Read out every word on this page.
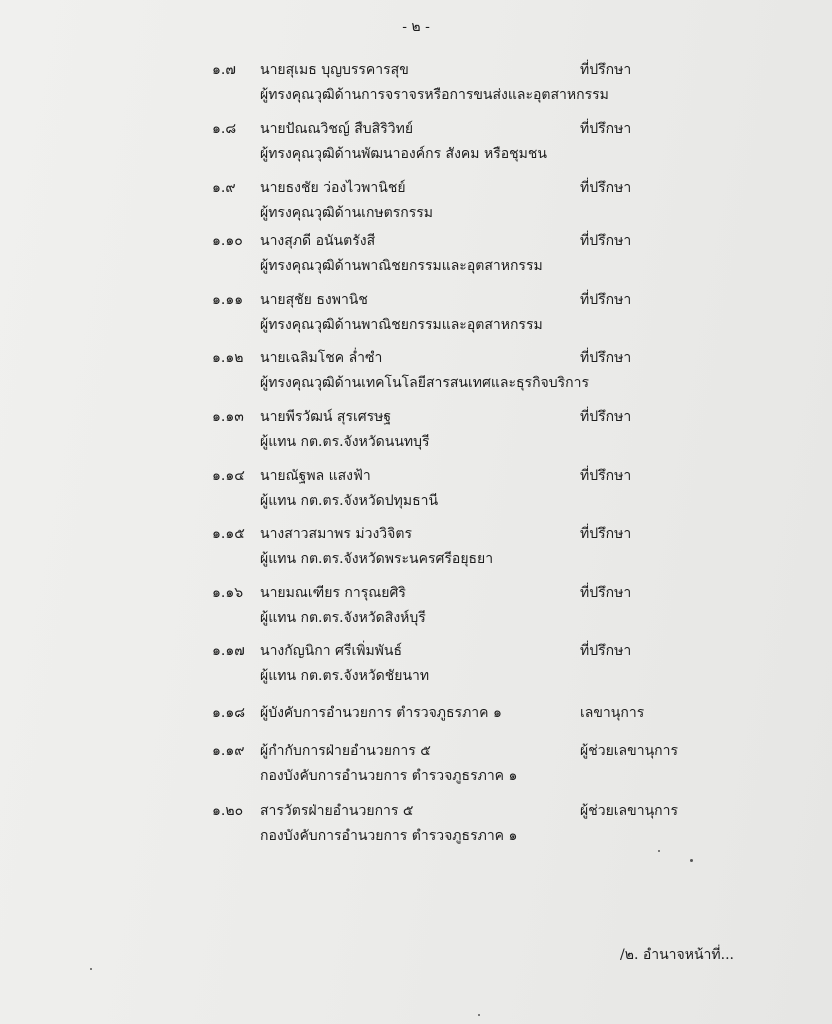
- ๒ -
๑.๗ นายสุเมธ บุญบรรคารสุข	ที่ปรึกษา
ผู้ทรงคุณวุฒิด้านการจราจรหรือการขนส่งและอุตสาหกรรม
๑.๘ นายปัณณวิชญ์ สืบสิริวิทย์	ที่ปรึกษา
ผู้ทรงคุณวุฒิด้านพัฒนาองค์กร สังคม หรือชุมชน
๑.๙ นายธงชัย ว่องไวพานิชย์	ที่ปรึกษา
ผู้ทรงคุณวุฒิด้านเกษตรกรรม
๑.๑๐ นางสุภดี อนันตรังสี	ที่ปรึกษา
ผู้ทรงคุณวุฒิด้านพาณิชยกรรมและอุตสาหกรรม
๑.๑๑ นายสุชัย ธงพานิช	ที่ปรึกษา
ผู้ทรงคุณวุฒิด้านพาณิชยกรรมและอุตสาหกรรม
๑.๑๒ นายเฉลิมโชค ล่ำซำ	ที่ปรึกษา
ผู้ทรงคุณวุฒิด้านเทคโนโลยีสารสนเทศและธุรกิจบริการ
๑.๑๓ นายพีรวัฒน์ สุรเศรษฐ	ที่ปรึกษา
ผู้แทน กต.ตร.จังหวัดนนทบุรี
๑.๑๔ นายณัฐพล แสงฟ้า	ที่ปรึกษา
ผู้แทน กต.ตร.จังหวัดปทุมธานี
๑.๑๕ นางสาวสมาพร ม่วงวิจิตร	ที่ปรึกษา
ผู้แทน กต.ตร.จังหวัดพระนครศรีอยุธยา
๑.๑๖ นายมณเฑียร การุณยศิริ	ที่ปรึกษา
ผู้แทน กต.ตร.จังหวัดสิงห์บุรี
๑.๑๗ นางกัญนิกา ศรีเพิ่มพันธ์	ที่ปรึกษา
ผู้แทน กต.ตร.จังหวัดชัยนาท
๑.๑๘ ผู้บังคับการอำนวยการ ตำรวจภูธรภาค ๑	เลขานุการ
๑.๑๙ ผู้กำกับการฝ่ายอำนวยการ ๕	ผู้ช่วยเลขานุการ
กองบังคับการอำนวยการ ตำรวจภูธรภาค ๑
๑.๒๐ สารวัตรฝ่ายอำนวยการ ๕	ผู้ช่วยเลขานุการ
กองบังคับการอำนวยการ ตำรวจภูธรภาค ๑
/๒. อำนาจหน้าที่...
